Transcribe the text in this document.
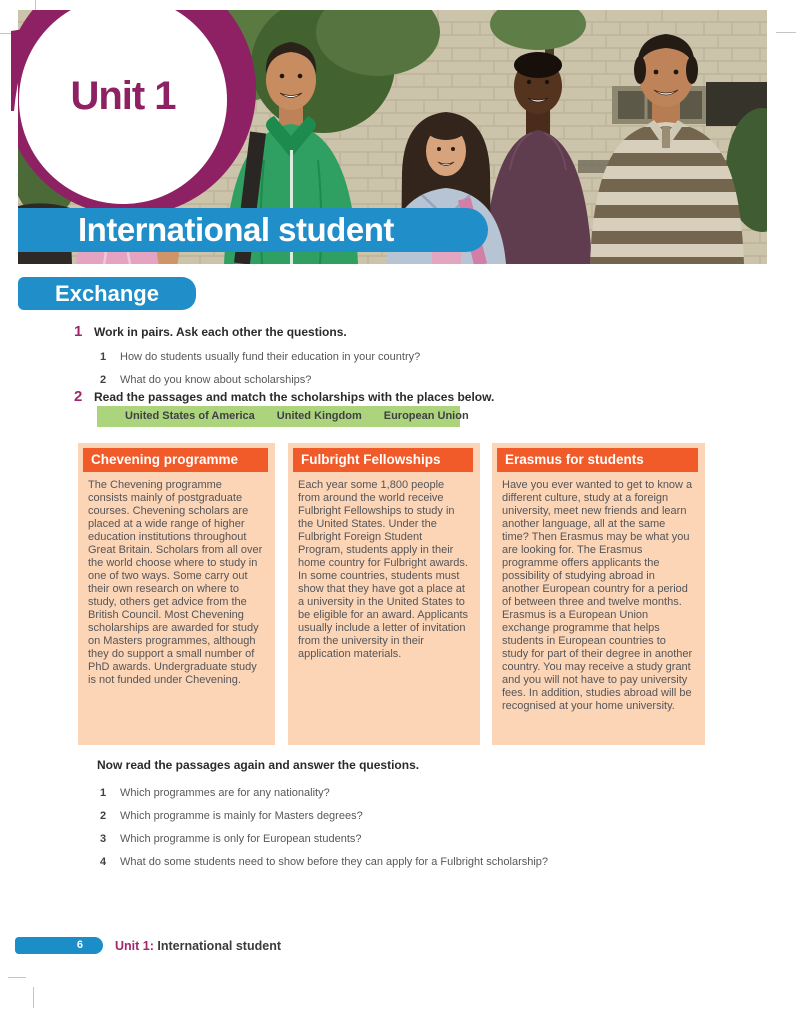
Unit 1
International student
Exchange
1 Work in pairs. Ask each other the questions.
1 How do students usually fund their education in your country?
2 What do you know about scholarships?
2 Read the passages and match the scholarships with the places below.
United States of America United Kingdom European Union
Chevening programme
The Chevening programme consists mainly of postgraduate courses. Chevening scholars are placed at a wide range of higher education institutions throughout Great Britain. Scholars from all over the world choose where to study in one of two ways. Some carry out their own research on where to study, others get advice from the British Council. Most Chevening scholarships are awarded for study on Masters programmes, although they do support a small number of PhD awards. Undergraduate study is not funded under Chevening.
Fulbright Fellowships
Each year some 1,800 people from around the world receive Fulbright Fellowships to study in the United States. Under the Fulbright Foreign Student Program, students apply in their home country for Fulbright awards. In some countries, students must show that they have got a place at a university in the United States to be eligible for an award. Applicants usually include a letter of invitation from the university in their application materials.
Erasmus for students
Have you ever wanted to get to know a different culture, study at a foreign university, meet new friends and learn another language, all at the same time? Then Erasmus may be what you are looking for. The Erasmus programme offers applicants the possibility of studying abroad in another European country for a period of between three and twelve months. Erasmus is a European Union exchange programme that helps students in European countries to study for part of their degree in another country. You may receive a study grant and you will not have to pay university fees. In addition, studies abroad will be recognised at your home university.
Now read the passages again and answer the questions.
1 Which programmes are for any nationality?
2 Which programme is mainly for Masters degrees?
3 Which programme is only for European students?
4 What do some students need to show before they can apply for a Fulbright scholarship?
6	Unit 1: International student
